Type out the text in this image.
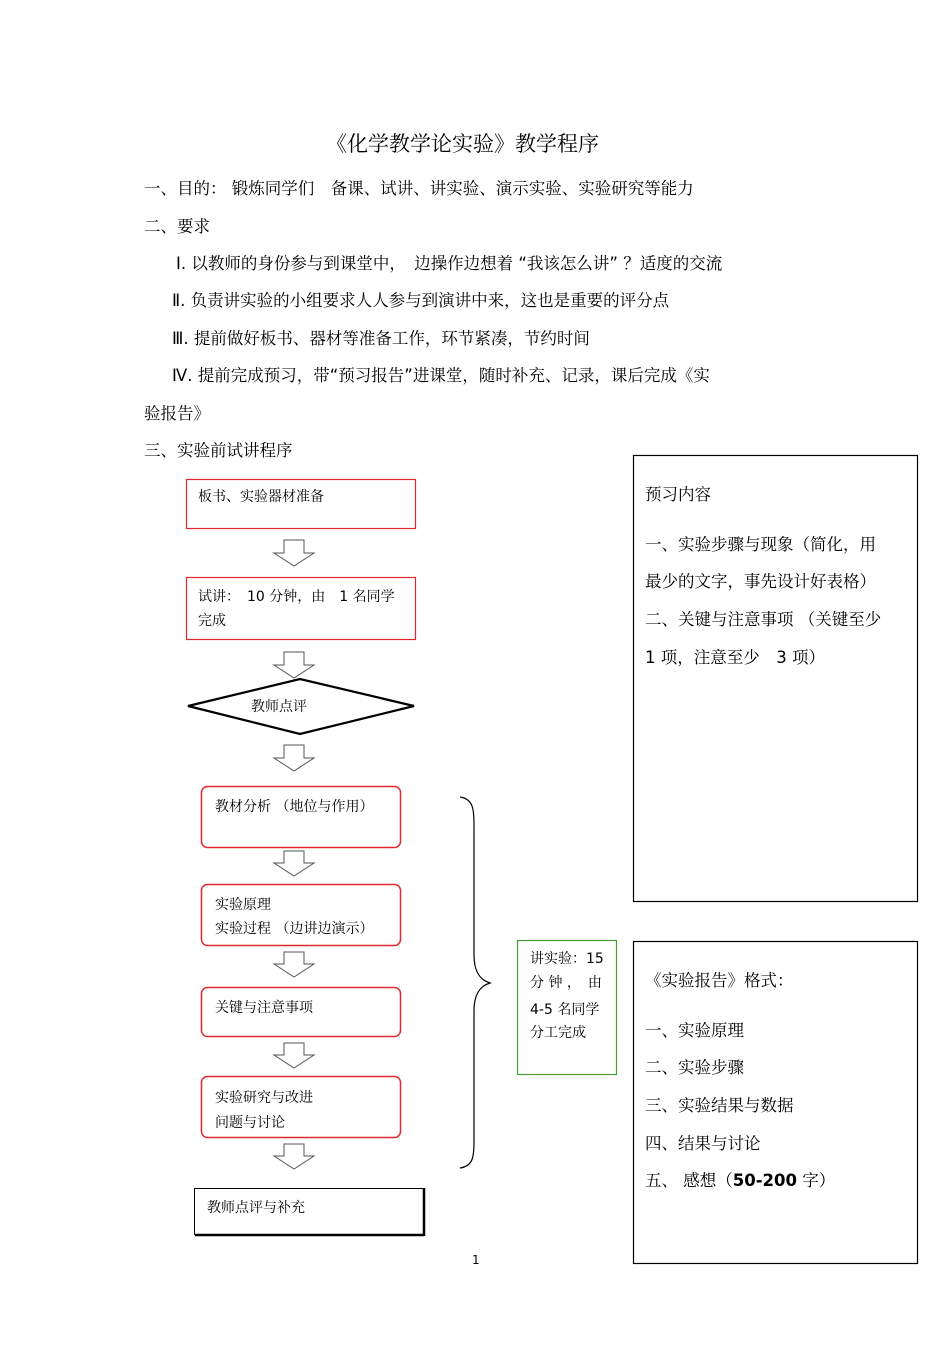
《化学教学论实验》教学程序
一、目的： 锻炼同学们　备课、试讲、讲实验、演示实验、实验研究等能力
二、要求
Ⅰ. 以教师的身份参与到课堂中，　边操作边想着 “我该怎么讲” ？适度的交流
Ⅱ. 负责讲实验的小组要求人人参与到演讲中来，这也是重要的评分点
Ⅲ. 提前做好板书、器材等准备工作，环节紧凑，节约时间
Ⅳ. 提前完成预习，带“预习报告”进课堂，随时补充、记录，课后完成《实
验报告》
三、实验前试讲程序
板书、实验器材准备
试讲：　10 分钟，由　1 名同学
完成
教师点评
教材分析 （地位与作用）
实验原理
实验过程 （边讲边演示）
关键与注意事项
实验研究与改进
问题与讨论
教师点评与补充
讲实验：15
分 钟 ，　由
4-5 名同学
分工完成
预习内容
一、实验步骤与现象（简化，用
最少的文字，事先设计好表格）
二、关键与注意事项 （关键至少
1 项，注意至少　3 项）
《实验报告》格式：
一、实验原理
二、实验步骤
三、实验结果与数据
四、结果与讨论
五、 感想（50-200 字）
1
